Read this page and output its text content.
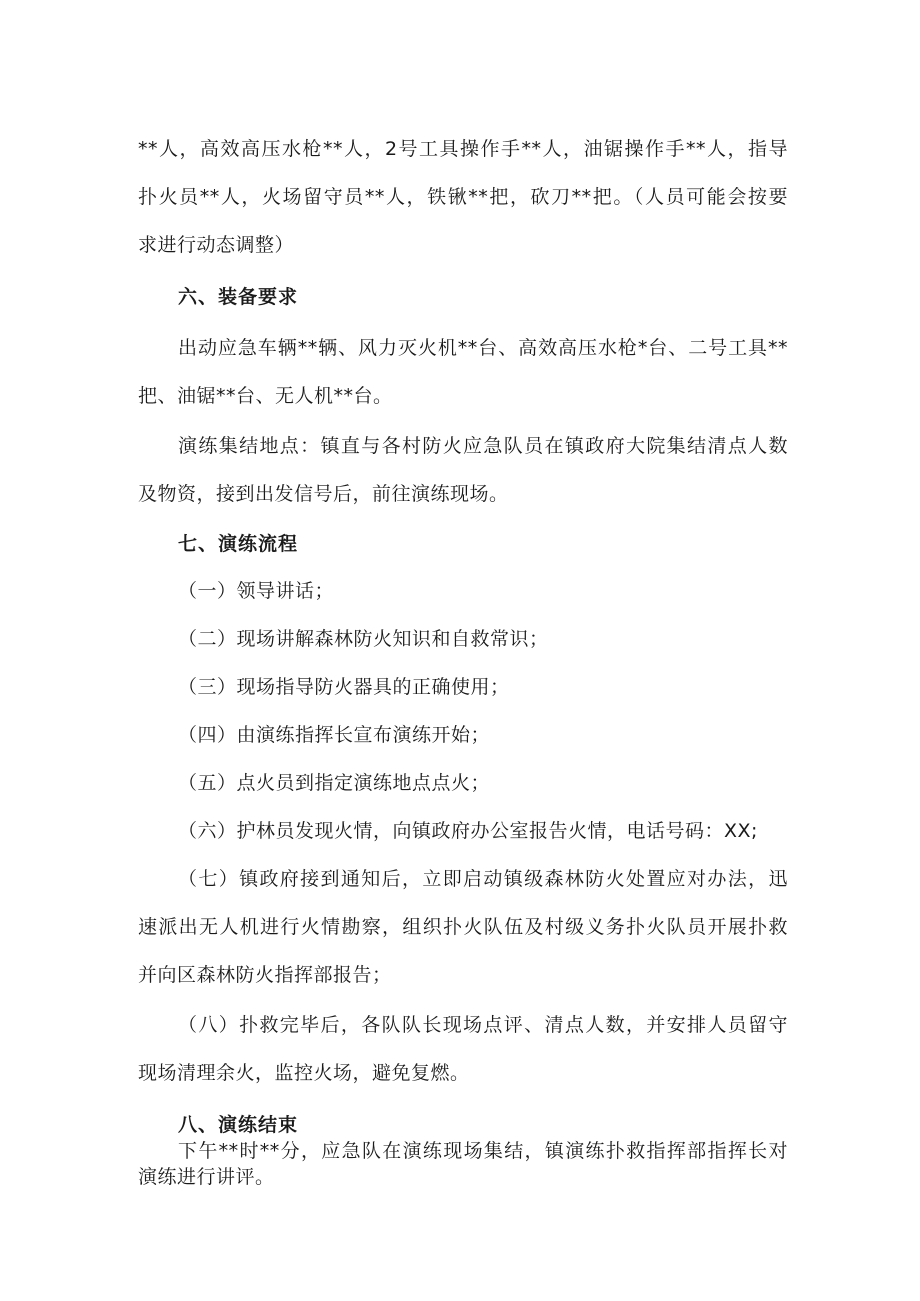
**人，高效高压水枪**人，2号工具操作手**人，油锯操作手**人，指导
扑火员**人，火场留守员**人，铁锹**把，砍刀**把。（人员可能会按要
求进行动态调整）
六、装备要求
出动应急车辆**辆、风力灭火机**台、高效高压水枪*台、二号工具**
把、油锯**台、无人机**台。
演练集结地点：镇直与各村防火应急队员在镇政府大院集结清点人数
及物资，接到出发信号后，前往演练现场。
七、演练流程
（一）领导讲话；
（二）现场讲解森林防火知识和自救常识；
（三）现场指导防火器具的正确使用；
（四）由演练指挥长宣布演练开始；
（五）点火员到指定演练地点点火；
（六）护林员发现火情，向镇政府办公室报告火情，电话号码：XX;
（七）镇政府接到通知后，立即启动镇级森林防火处置应对办法，迅
速派出无人机进行火情勘察，组织扑火队伍及村级义务扑火队员开展扑救
并向区森林防火指挥部报告；
（八）扑救完毕后，各队队长现场点评、清点人数，并安排人员留守
现场清理余火，监控火场，避免复燃。
八、演练结束
下午**时**分，应急队在演练现场集结，镇演练扑救指挥部指挥长对
演练进行讲评。
